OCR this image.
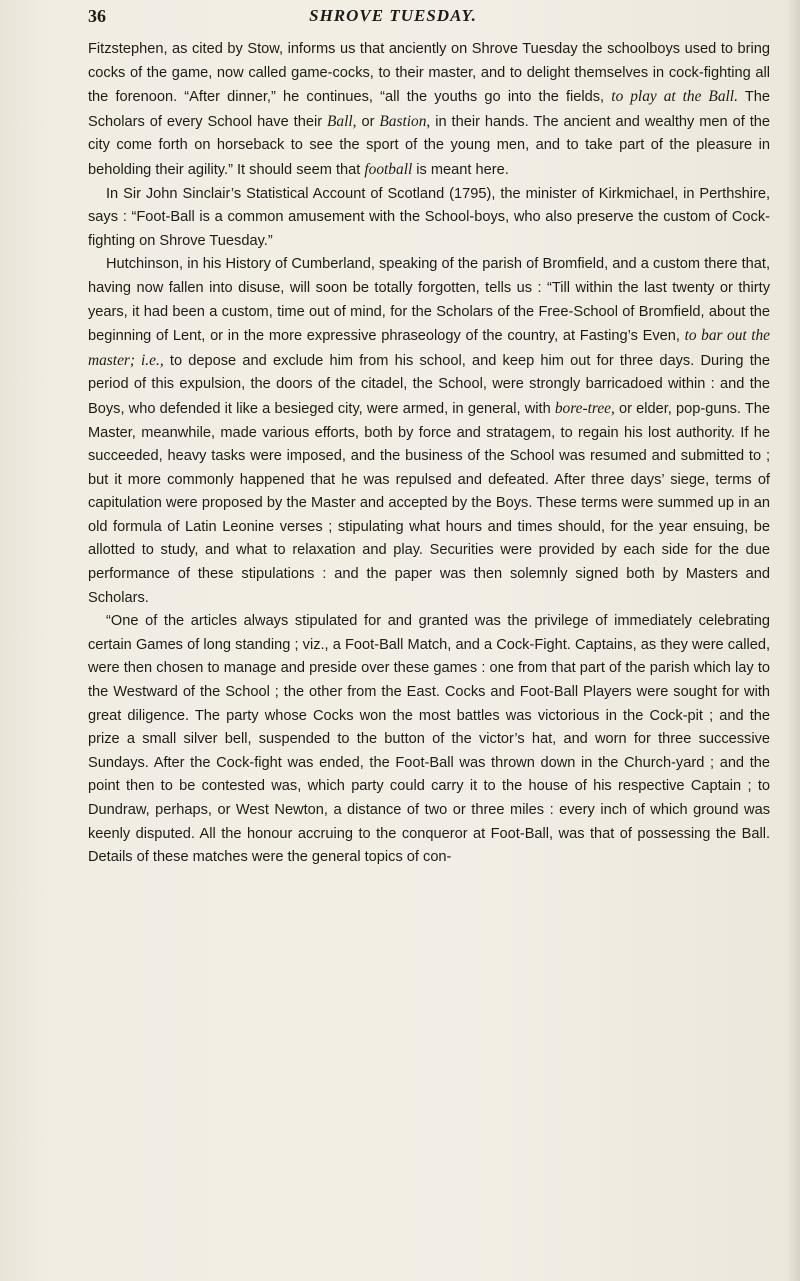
36	SHROVE TUESDAY.

Fitzstephen, as cited by Stow, informs us that anciently on Shrove Tuesday the schoolboys used to bring cocks of the game, now called game-cocks, to their master, and to delight themselves in cock-fighting all the forenoon. “After dinner,” he continues, “all the youths go into the fields, to play at the Ball. The Scholars of every School have their Ball, or Bastion, in their hands. The ancient and wealthy men of the city come forth on horseback to see the sport of the young men, and to take part of the pleasure in beholding their agility.” It should seem that football is meant here.

In Sir John Sinclair’s Statistical Account of Scotland (1795), the minister of Kirkmichael, in Perthshire, says : “Foot-Ball is a common amusement with the School-boys, who also preserve the custom of Cock-fighting on Shrove Tuesday.”

Hutchinson, in his History of Cumberland, speaking of the parish of Bromfield, and a custom there that, having now fallen into disuse, will soon be totally forgotten, tells us : “Till within the last twenty or thirty years, it had been a custom, time out of mind, for the Scholars of the Free-School of Bromfield, about the beginning of Lent, or in the more expressive phraseology of the country, at Fasting’s Even, to bar out the master; i.e., to depose and exclude him from his school, and keep him out for three days. During the period of this expulsion, the doors of the citadel, the School, were strongly barricadoed within : and the Boys, who defended it like a besieged city, were armed, in general, with bore-tree, or elder, pop-guns. The Master, meanwhile, made various efforts, both by force and stratagem, to regain his lost authority. If he succeeded, heavy tasks were imposed, and the business of the School was resumed and submitted to ; but it more commonly happened that he was repulsed and defeated. After three days’ siege, terms of capitulation were proposed by the Master and accepted by the Boys. These terms were summed up in an old formula of Latin Leonine verses ; stipulating what hours and times should, for the year ensuing, be allotted to study, and what to relaxation and play. Securities were provided by each side for the due performance of these stipulations : and the paper was then solemnly signed both by Masters and Scholars.

“One of the articles always stipulated for and granted was the privilege of immediately celebrating certain Games of long standing ; viz., a Foot-Ball Match, and a Cock-Fight. Captains, as they were called, were then chosen to manage and preside over these games : one from that part of the parish which lay to the Westward of the School ; the other from the East. Cocks and Foot-Ball Players were sought for with great diligence. The party whose Cocks won the most battles was victorious in the Cock-pit ; and the prize a small silver bell, suspended to the button of the victor’s hat, and worn for three successive Sundays. After the Cock-fight was ended, the Foot-Ball was thrown down in the Church-yard ; and the point then to be contested was, which party could carry it to the house of his respective Captain ; to Dundraw, perhaps, or West Newton, a distance of two or three miles : every inch of which ground was keenly disputed. All the honour accruing to the conqueror at Foot-Ball, was that of possessing the Ball. Details of these matches were the general topics of con-
